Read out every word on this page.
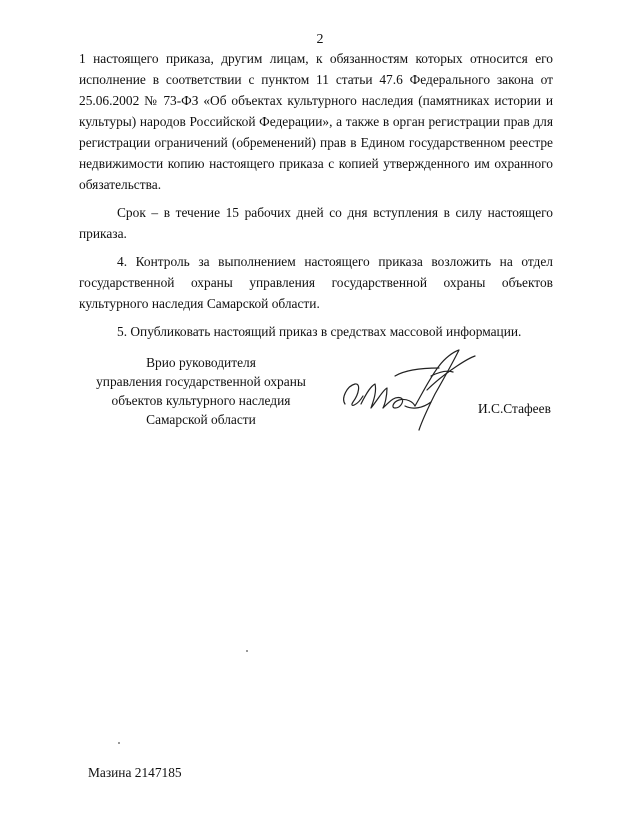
2

1 настоящего приказа, другим лицам, к обязанностям которых относится его исполнение в соответствии с пунктом 11 статьи 47.6 Федерального закона от 25.06.2002 № 73-ФЗ «Об объектах культурного наследия (памятниках истории и культуры) народов Российской Федерации», а также в орган регистрации прав для регистрации ограничений (обременений) прав в Едином государственном реестре недвижимости копию настоящего приказа с копией утвержденного им охранного обязательства.

Срок – в течение 15 рабочих дней со дня вступления в силу настоящего приказа.

4. Контроль за выполнением настоящего приказа возложить на отдел государственной охраны управления государственной охраны объектов культурного наследия Самарской области.

5. Опубликовать настоящий приказ в средствах массовой информации.

Врио руководителя
управления государственной охраны
объектов культурного наследия
Самарской области
И.С.Стафеев
Мазина 2147185
